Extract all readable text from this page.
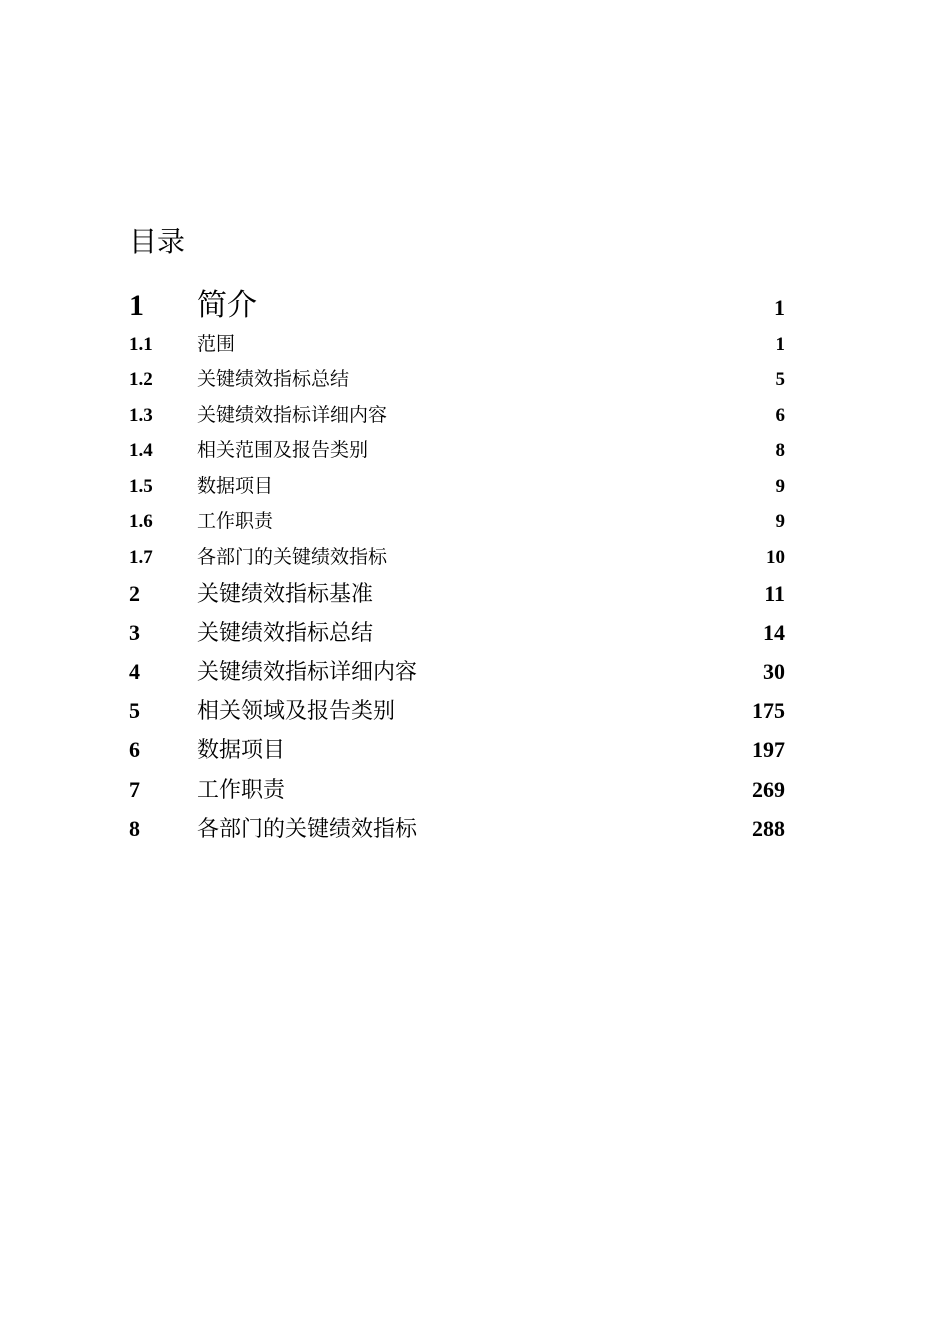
目录
1	简介	1
1.1	范围	1
1.2	关键绩效指标总结	5
1.3	关键绩效指标详细内容	6
1.4	相关范围及报告类别	8
1.5	数据项目	9
1.6	工作职责	9
1.7	各部门的关键绩效指标	10
2	关键绩效指标基准	11
3	关键绩效指标总结	14
4	关键绩效指标详细内容	30
5	相关领域及报告类别	175
6	数据项目	197
7	工作职责	269
8	各部门的关键绩效指标	288
